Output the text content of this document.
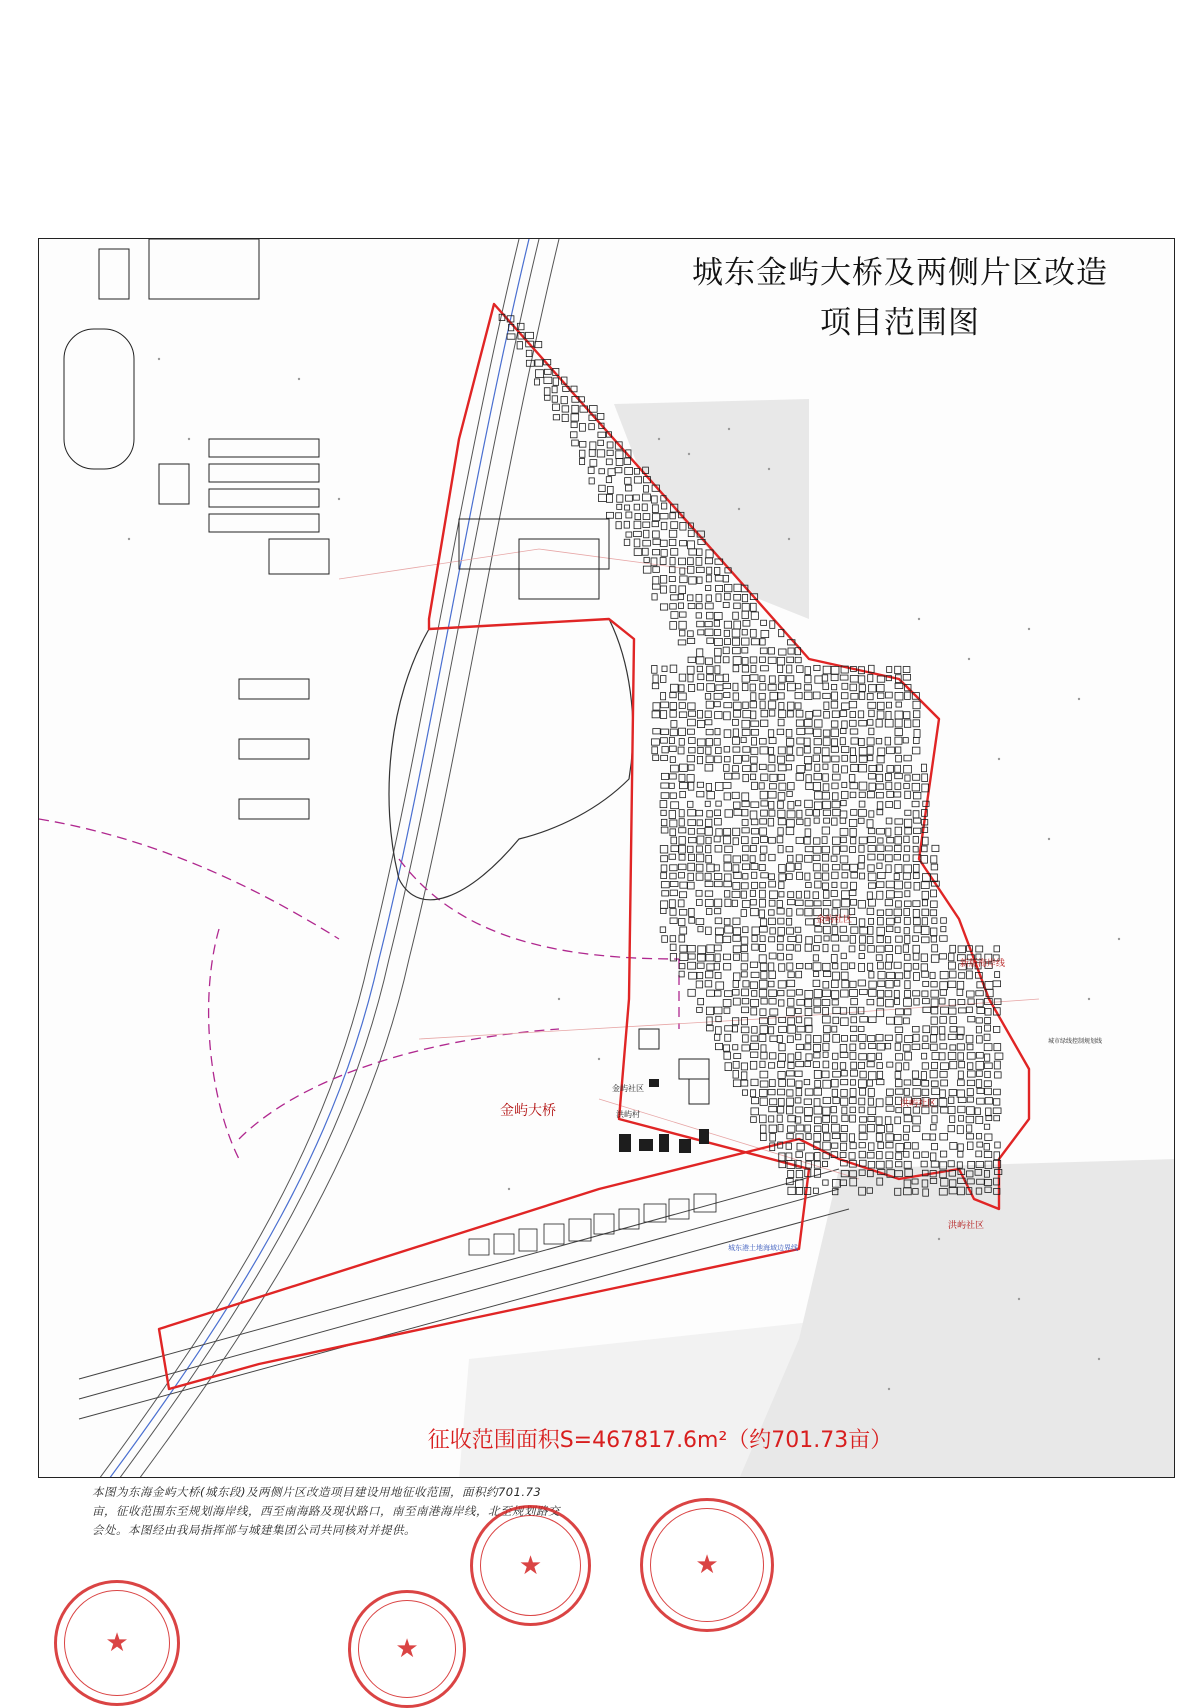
城东金屿大桥及两侧片区改造
项目范围图
金屿大桥
新版海岸线
金屿社区
洪屿社区
洪屿社区
金屿社区
洪屿村
城市绿线控制规划线
城东港土地海域边界线
征收范围面积S=467817.6m²（约701.73亩）
本图为东海金屿大桥(城东段)及两侧片区改造项目建设用地征收范围，面积约701.73亩，征收范围东至规划海岸线，西至南海路及现状路口，南至南港海岸线，北至规划路交会处。本图经由我局指挥部与城建集团公司共同核对并提供。
★
★
★
★
